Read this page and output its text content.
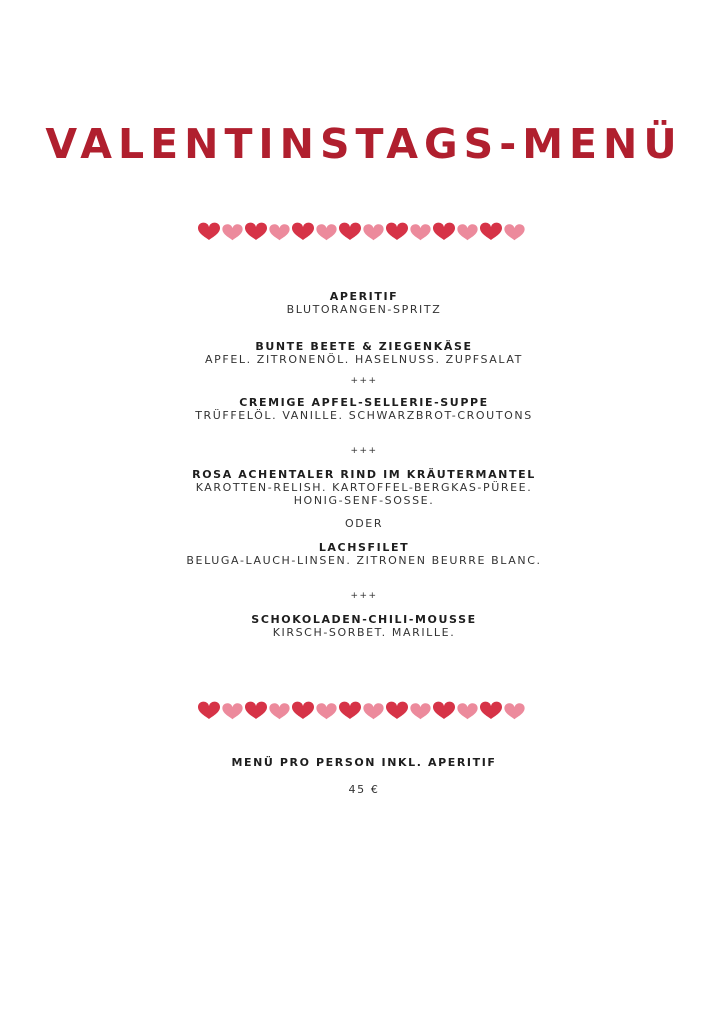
VALENTINSTAGS-MENÜ
APERITIF
BLUTORANGEN-SPRITZ
BUNTE BEETE & ZIEGENKÄSE
APFEL. ZITRONENÖL. HASELNUSS. ZUPFSALAT
+++
CREMIGE APFEL-SELLERIE-SUPPE
TRÜFFELÖL. VANILLE. SCHWARZBROT-CROUTONS
+++
ROSA ACHENTALER RIND IM KRÄUTERMANTEL
KAROTTEN-RELISH. KARTOFFEL-BERGKAS-PÜREE.
HONIG-SENF-SOSSE.
ODER
LACHSFILET
BELUGA-LAUCH-LINSEN. ZITRONEN BEURRE BLANC.
+++
SCHOKOLADEN-CHILI-MOUSSE
KIRSCH-SORBET. MARILLE.
MENÜ PRO PERSON INKL. APERITIF
45 €
